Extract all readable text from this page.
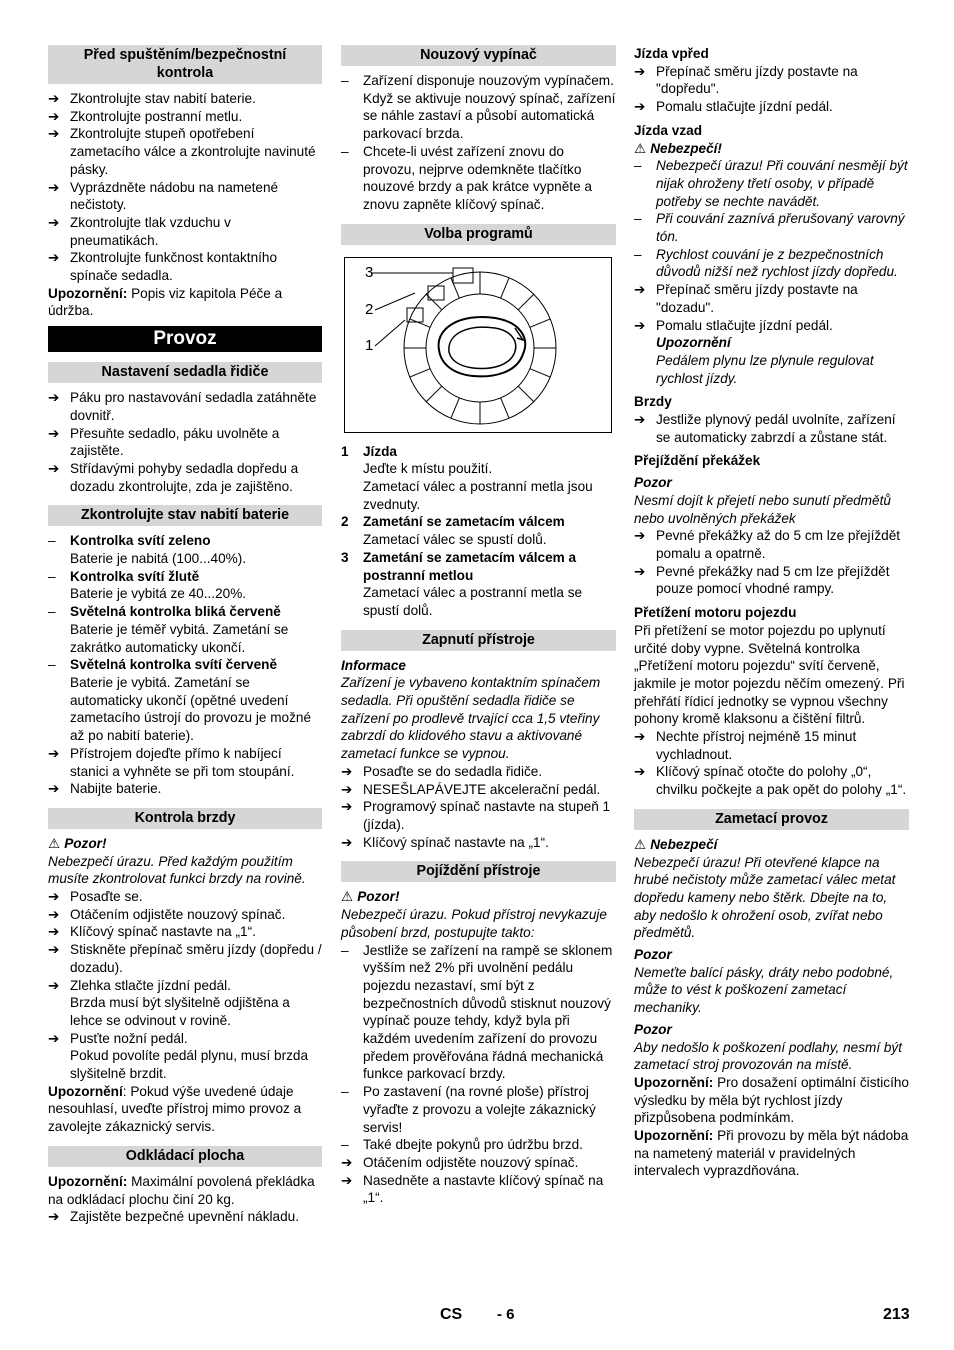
Před spuštěním/bezpečnostní kontrola
➔ Zkontrolujte stav nabití baterie.
➔ Zkontrolujte postranní metlu.
➔ Zkontrolujte stupeň opotřebení zametacího válce a zkontrolujte navinuté pásky.
➔ Vyprázdněte nádobu na nametené nečistoty.
➔ Zkontrolujte tlak vzduchu v pneumatikách.
➔ Zkontrolujte funkčnost kontaktního spínače sedadla.

Upozornění: Popis viz kapitola Péče a údržba.

Provoz
Nastavení sedadla řidiče
➔ Páku pro nastavování sedadla zatáhněte dovnitř.
➔ Přesuňte sedadlo, páku uvolněte a zajistěte.
➔ Střídavými pohyby sedadla dopředu a dozadu zkontrolujte, zda je zajištěno.
Zkontrolujte stav nabití baterie
–	Kontrolka svítí zeleno

Baterie je nabitá (100...40%).

–	Kontrolka svítí žlutě

Baterie je vybitá ze 40...20%.

–	Světelná kontrolka bliká červeně

Baterie je téměř vybitá. Zametání se zakrátko automaticky ukončí.

–	Světelná kontrolka svítí červeně

Baterie je vybitá. Zametání se automaticky ukončí (opětné uvedení zametacího ústrojí do provozu je možné až po nabití baterie).

➔ Přístrojem dojeďte přímo k nabíjecí stanici a vyhněte se při tom stoupání.
➔ Nabijte baterie.
Kontrola brzdy

⚠ Pozor!

Nebezpečí úrazu. Před každým použitím musíte zkontrolovat funkci brzdy na rovině.

➔ Posaďte se.
➔ Otáčením odjistěte nouzový spínač.
➔ Klíčový spínač nastavte na „1“.
➔ Stiskněte přepínač směru jízdy (dopředu / dozadu).
➔ Zlehka stlačte jízdní pedál.

Brzda musí být slyšitelně odjištěna a lehce se odvinout v rovině.

➔ Pusťte nožní pedál.

Pokud povolíte pedál plynu, musí brzda slyšitelně brzdit.

Upozornění: Pokud výše uvedené údaje nesouhlasí, uveďte přístroj mimo provoz a zavolejte zákaznický servis.

Odkládací plocha

Upozornění: Maximální povolená překládka na odkládací plochu činí 20 kg.

➔ Zajistěte bezpečné upevnění nákladu.
Nouzový vypínač
–	Zařízení disponuje nouzovým vypínačem. Když se aktivuje nouzový spínač, zařízení se náhle zastaví a působí automatická parkovací brzda.
–	Chcete-li uvést zařízení znovu do provozu, nejprve odemkněte tlačítko nouzové brzdy a pak krátce vypněte a znovu zapněte klíčový spínač.
Volba programů
3
2
1
1	Jízda

Jeďte k místu použití.

Zametací válec a postranní metla jsou zvednuty.

2	Zametání se zametacím válcem

Zametací válec se spustí dolů.

3	Zametání se zametacím válcem a postranní metlou

Zametací válec a postranní metla se spustí dolů.

Zapnutí přístroje

Informace

Zařízení je vybaveno kontaktním spínačem sedadla. Při opuštění sedadla řidiče se zařízení po prodlevě trvající cca 1,5 vteřiny zabrzdí do klidového stavu a aktivované zametací funkce se vypnou.

➔ Posaďte se do sedadla řidiče.
➔ NESEŠLAPÁVEJTE akcelerační pedál.
➔ Programový spínač nastavte na stupeň 1 (jízda).
➔ Klíčový spínač nastavte na „1“.
Pojíždění přístroje

⚠ Pozor!

Nebezpečí úrazu. Pokud přístroj nevykazuje působení brzd, postupujte takto:

–	Jestliže se zařízení na rampě se sklonem vyšším než 2% při uvolnění pedálu pojezdu nezastaví, smí být z bezpečnostních důvodů stisknut nouzový vypínač pouze tehdy, když byla při každém uvedením zařízení do provozu předem prověřována řádná mechanická funkce parkovací brzdy.
–	Po zastavení (na rovné ploše) přístroj vyřaďte z provozu a volejte zákaznický servis!
–	Také dbejte pokynů pro údržbu brzd.
➔ Otáčením odjistěte nouzový spínač.
➔ Nasedněte a nastavte klíčový spínač na „1“.

Jízda vpřed

➔ Přepínač směru jízdy postavte na "dopředu".
➔ Pomalu stlačujte jízdní pedál.

Jízda vzad

⚠ Nebezpečí!

–	Nebezpečí úrazu! Při couvání nesmějí být nijak ohroženy třetí osoby, v případě potřeby se nechte navádět.
–	Při couvání zaznívá přerušovaný varovný tón.
–	Rychlost couvání je z bezpečnostních důvodů nižší než rychlost jízdy dopředu.
➔ Přepínač směru jízdy postavte na "dozadu".
➔ Pomalu stlačujte jízdní pedál.

Upozornění

Pedálem plynu lze plynule regulovat rychlost jízdy.

Brzdy

➔ Jestliže plynový pedál uvolníte, zařízení se automaticky zabrzdí a zůstane stát.

Přejíždění překážek

Pozor

Nesmí dojít k přejetí nebo sunutí předmětů nebo uvolněných překážek

➔ Pevné překážky až do 5 cm lze přejíždět pomalu a opatrně.
➔ Pevné překážky nad 5 cm lze přejíždět pouze pomocí vhodné rampy.

Přetížení motoru pojezdu

Při přetížení se motor pojezdu po uplynutí určité doby vypne. Světelná kontrolka „Přetížení motoru pojezdu“ svítí červeně, jakmile je motor pojezdu něčím omezený. Při přehřátí řídicí jednotky se vypnou všechny pohony kromě klaksonu a čištění filtrů.

➔ Nechte přístroj nejméně 15 minut vychladnout.
➔ Klíčový spínač otočte do polohy „0“, chvilku počkejte a pak opět do polohy „1“.
Zametací provoz

⚠ Nebezpečí

Nebezpečí úrazu! Při otevřené klapce na hrubé nečistoty může zametací válec metat dopředu kameny nebo štěrk. Dbejte na to, aby nedošlo k ohrožení osob, zvířat nebo předmětů.

Pozor

Nemeťte balící pásky, dráty nebo podobné, může to vést k poškození zametací mechaniky.

Pozor

Aby nedošlo k poškození podlahy, nesmí být zametací stroj provozován na místě.

Upozornění: Pro dosažení optimální čisticího výsledku by měla být rychlost jízdy přizpůsobena podmínkám.

Upozornění: Při provozu by měla být nádoba na nametený materiál v pravidelných intervalech vyprazdňována.

CS - 6	213
